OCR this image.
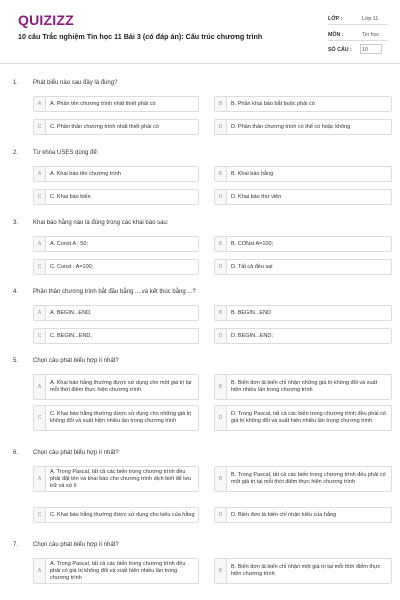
QUIZIZZ
10 câu Trắc nghiệm Tin học 11 Bài 3 (có đáp án): Cấu trúc chương trình
LỚP :	Lớp 11
MÔN :	Tin học
SỐ CÂU : 10
1. Phát biểu nào sau đây là đúng?
A	A. Phần tên chương trình nhất thiết phải có	B	B. Phần khai báo bắt buộc phải có
C	C. Phần thân chương trình nhất thiết phải có	D	D. Phần thân chương trình có thể có hoặc không
2. Từ khóa USES dùng để:
A	A. Khai báo tên chương trình	B	B. Khai báo hằng
C	C. Khai báo biến	D	D. Khai báo thư viện
3. Khai báo hằng nào là đúng trong các khai báo sau:
A	A. Const A : 50;	B	B. CONst A=100;
C	C. Const : A=100;	D	D. Tất cả đều sai
4. Phần thân chương trình bắt đầu bằng ....và kết thúc bằng ...?
A	A. BEGIN...END.	B	B. BEGIN...END
C	C. BEGIN...END,	D	D. BEGIN...END;
5. Chọn câu phát biểu hợp lí nhất?
A
A. Khai báo hằng thường được sử dụng cho một giá trị tại mỗi thời điểm thực hiện chương trình	B
B. Biến đơn là biến chỉ nhận những giá trị không đổi và xuất hiện nhiều lần trong chương trình
C
C. Khai báo hằng thường được sử dụng cho những giá trị không đổi và xuất hiện nhiều lần trong chương trình	D
D. Trong Pascal, tất cả các biến trong chương trình đều phải có giá trị không đổi và xuất hiện nhiều lần trong chương trình
6. Chọn câu phát biểu hợp lí nhất?
A
A. Trong Pascal, tất cả các biến trong chương trình đều phải đặt tên và khai báo cho chương trình dịch biết để lưu trữ và xử lí
B
B. Trong Pascal, tất cả các biến trong chương trình đều phải có một giá trị tại mỗi thời điểm thực hiện chương trình
C	C. Khai báo hằng thường được sử dụng cho kiểu của hằng	D	D. Biến đơn là biến chỉ nhận kiểu của hằng
7. Chọn câu phát biểu hợp lí nhất?
A
A. Trong Pascal, tất cả các biến trong chương trình đều phải có giá trị không đổi và xuất hiện nhiều lần trong chương trình
B
B. Biến đơn là biến chỉ nhận một giá trị tại mỗi thời điểm thực hiện chương trình
